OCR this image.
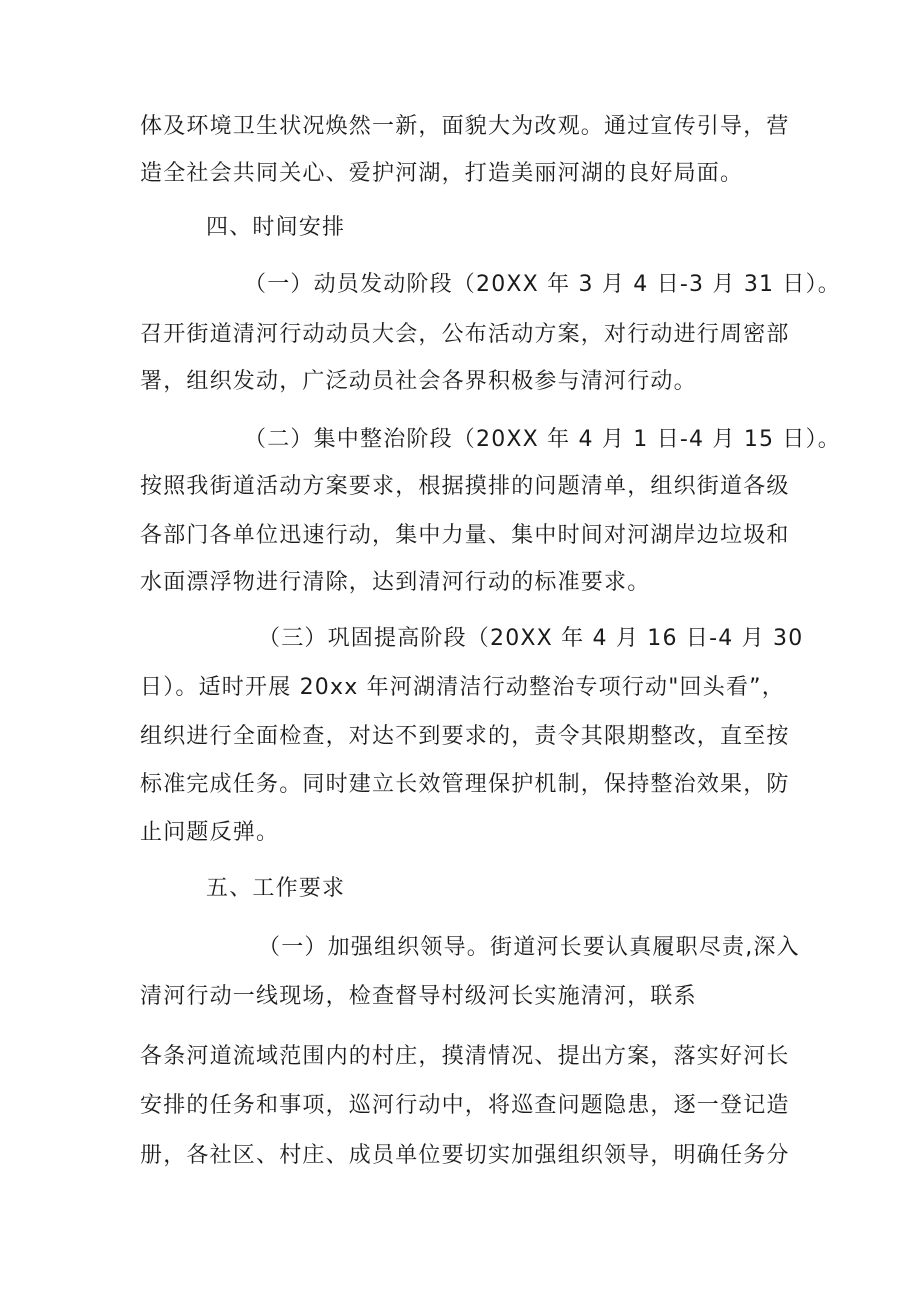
体及环境卫生状况焕然一新，面貌大为改观。通过宣传引导，营
造全社会共同关心、爱护河湖，打造美丽河湖的良好局面。
四、时间安排
（一）动员发动阶段（20XX 年 3 月 4 日-3 月 31 日）。
召开街道清河行动动员大会，公布活动方案，对行动进行周密部
署，组织发动，广泛动员社会各界积极参与清河行动。
（二）集中整治阶段（20XX 年 4 月 1 日-4 月 15 日）。
按照我街道活动方案要求，根据摸排的问题清单，组织街道各级
各部门各单位迅速行动，集中力量、集中时间对河湖岸边垃圾和
水面漂浮物进行清除，达到清河行动的标准要求。
（三）巩固提高阶段（20XX 年 4 月 16 日-4 月 30
日）。适时开展 20xx 年河湖清洁行动整治专项行动"回头看”，
组织进行全面检查，对达不到要求的，责令其限期整改，直至按
标准完成任务。同时建立长效管理保护机制，保持整治效果，防
止问题反弹。
五、工作要求
（一）加强组织领导。街道河长要认真履职尽责,深入
清河行动一线现场，检查督导村级河长实施清河，联系
各条河道流域范围内的村庄，摸清情况、提出方案，落实好河长
安排的任务和事项，巡河行动中，将巡查问题隐患，逐一登记造
册，各社区、村庄、成员单位要切实加强组织领导，明确任务分
